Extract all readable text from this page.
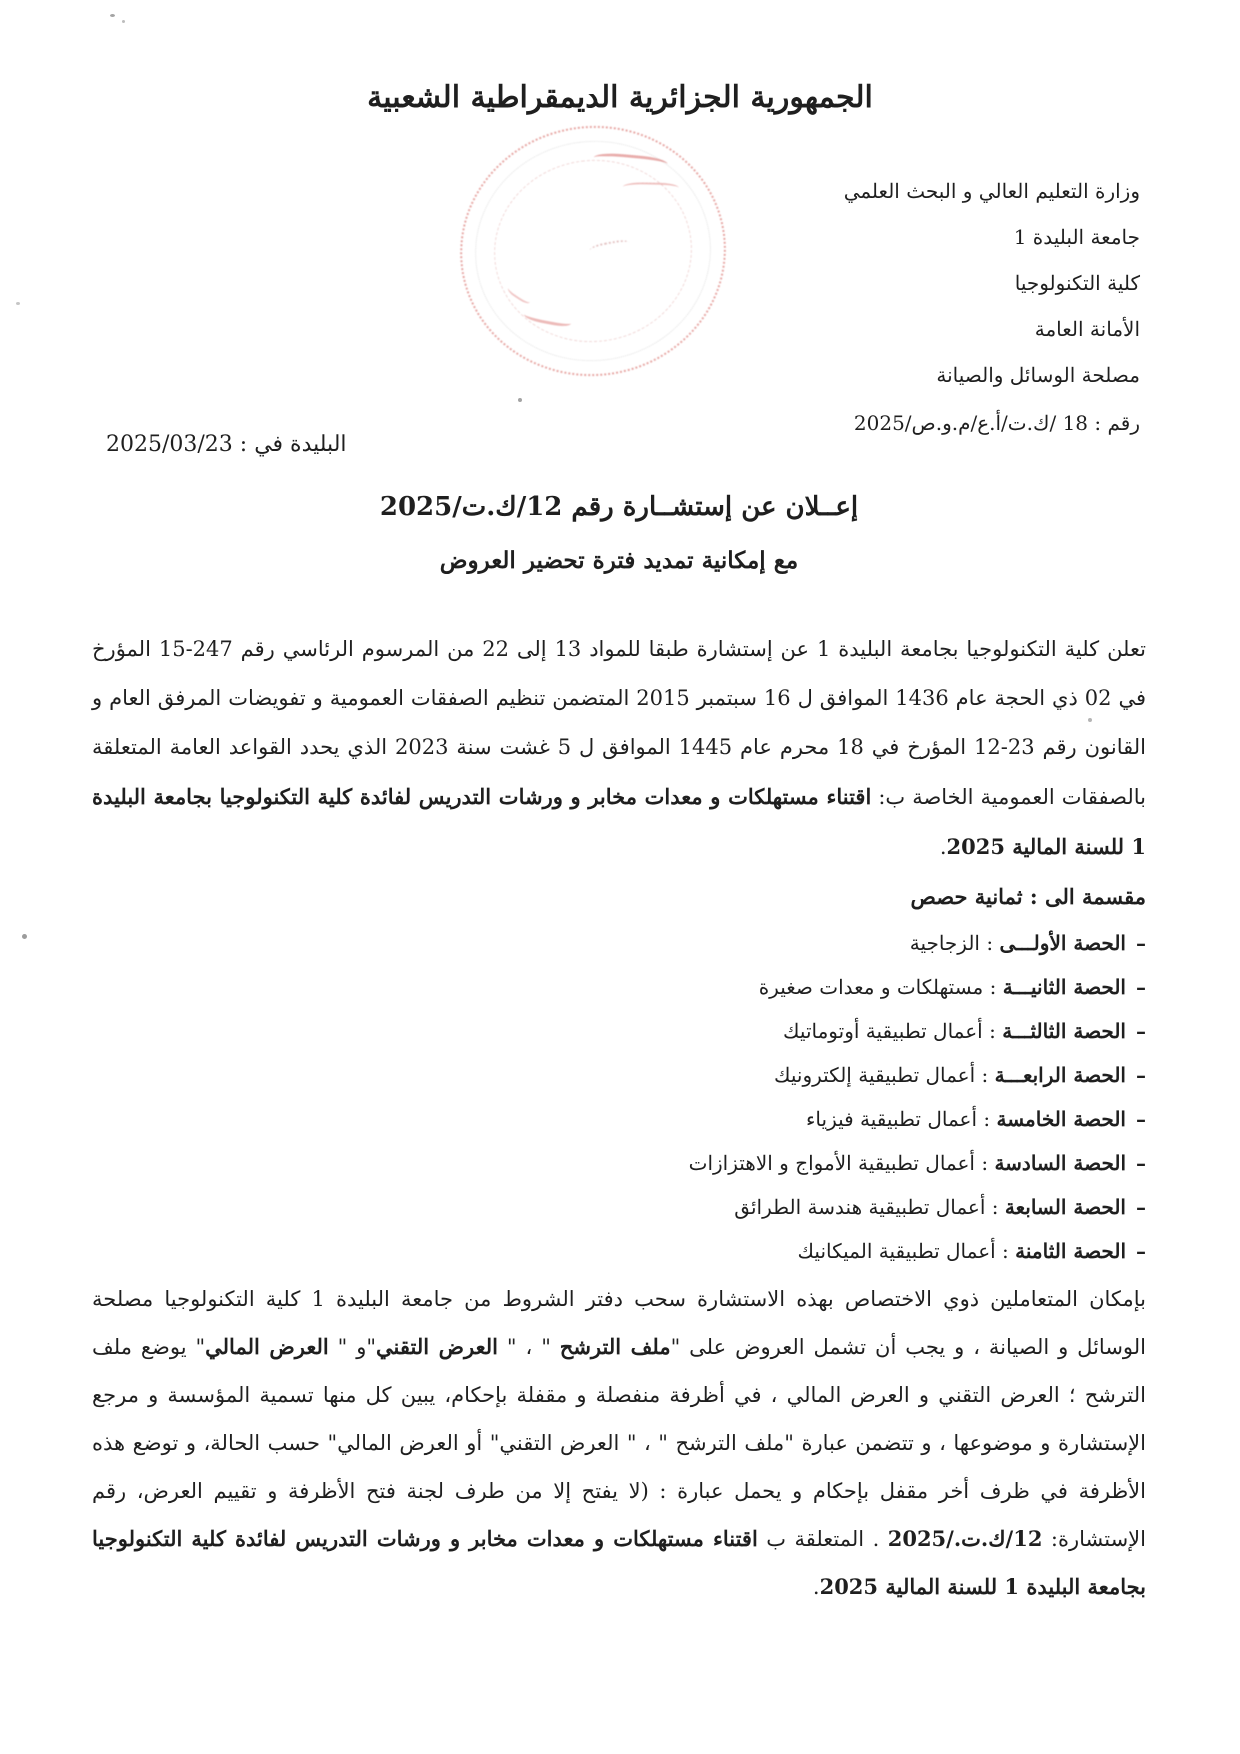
الجمهورية الجزائرية الديمقراطية الشعبية
وزارة التعليم العالي و البحث العلمي
جامعة البليدة 1
كلية التكنولوجيا
الأمانة العامة
مصلحة الوسائل والصيانة
رقم : 18 /ك.ت/أ.ع/م.و.ص/2025
البليدة في : 2025/03/23
إعــلان عن إستشــارة رقم 12/ك.ت/2025
مع إمكانية تمديد فترة تحضير العروض

تعلن كلية التكنولوجيا بجامعة البليدة 1 عن إستشارة طبقا للمواد 13 إلى 22 من المرسوم الرئاسي رقم 247-15 المؤرخ في 02 ذي الحجة عام 1436 الموافق ل 16 سبتمبر 2015 المتضمن تنظيم الصفقات العمومية و تفويضات المرفق العام و القانون رقم 23-12 المؤرخ في 18 محرم عام 1445 الموافق ل 5 غشت سنة 2023 الذي يحدد القواعد العامة المتعلقة بالصفقات العمومية الخاصة ب: اقتناء مستهلكات و معدات مخابر و ورشات التدريس لفائدة كلية التكنولوجيا بجامعة البليدة 1 للسنة المالية 2025.

مقسمة الى : ثمانية حصص

–الحصة الأولـــى : الزجاجية
–الحصة الثانيـــة : مستهلكات و معدات صغيرة
–الحصة الثالثـــة : أعمال تطبيقية أوتوماتيك
–الحصة الرابعـــة : أعمال تطبيقية إلكترونيك
–الحصة الخامسة : أعمال تطبيقية فيزياء
–الحصة السادسة : أعمال تطبيقية الأمواج و الاهتزازات
–الحصة السابعة : أعمال تطبيقية هندسة الطرائق
–الحصة الثامنة : أعمال تطبيقية الميكانيك

بإمكان المتعاملين ذوي الاختصاص بهذه الاستشارة سحب دفتر الشروط من جامعة البليدة 1 كلية التكنولوجيا مصلحة الوسائل و الصيانة ، و يجب أن تشمل العروض على "ملف الترشح " ، " العرض التقني"و " العرض المالي" يوضع ملف الترشح ؛ العرض التقني و العرض المالي ، في أظرفة منفصلة و مقفلة بإحكام، يبين كل منها تسمية المؤسسة و مرجع الإستشارة و موضوعها ، و تتضمن عبارة "ملف الترشح " ، " العرض التقني" أو العرض المالي" حسب الحالة، و توضع هذه الأظرفة في ظرف أخر مقفل بإحكام و يحمل عبارة : (لا يفتح إلا من طرف لجنة فتح الأظرفة و تقييم العرض، رقم الإستشارة: 12/ك.ت./2025 . المتعلقة ب اقتناء مستهلكات و معدات مخابر و ورشات التدريس لفائدة كلية التكنولوجيا بجامعة البليدة 1 للسنة المالية 2025.
